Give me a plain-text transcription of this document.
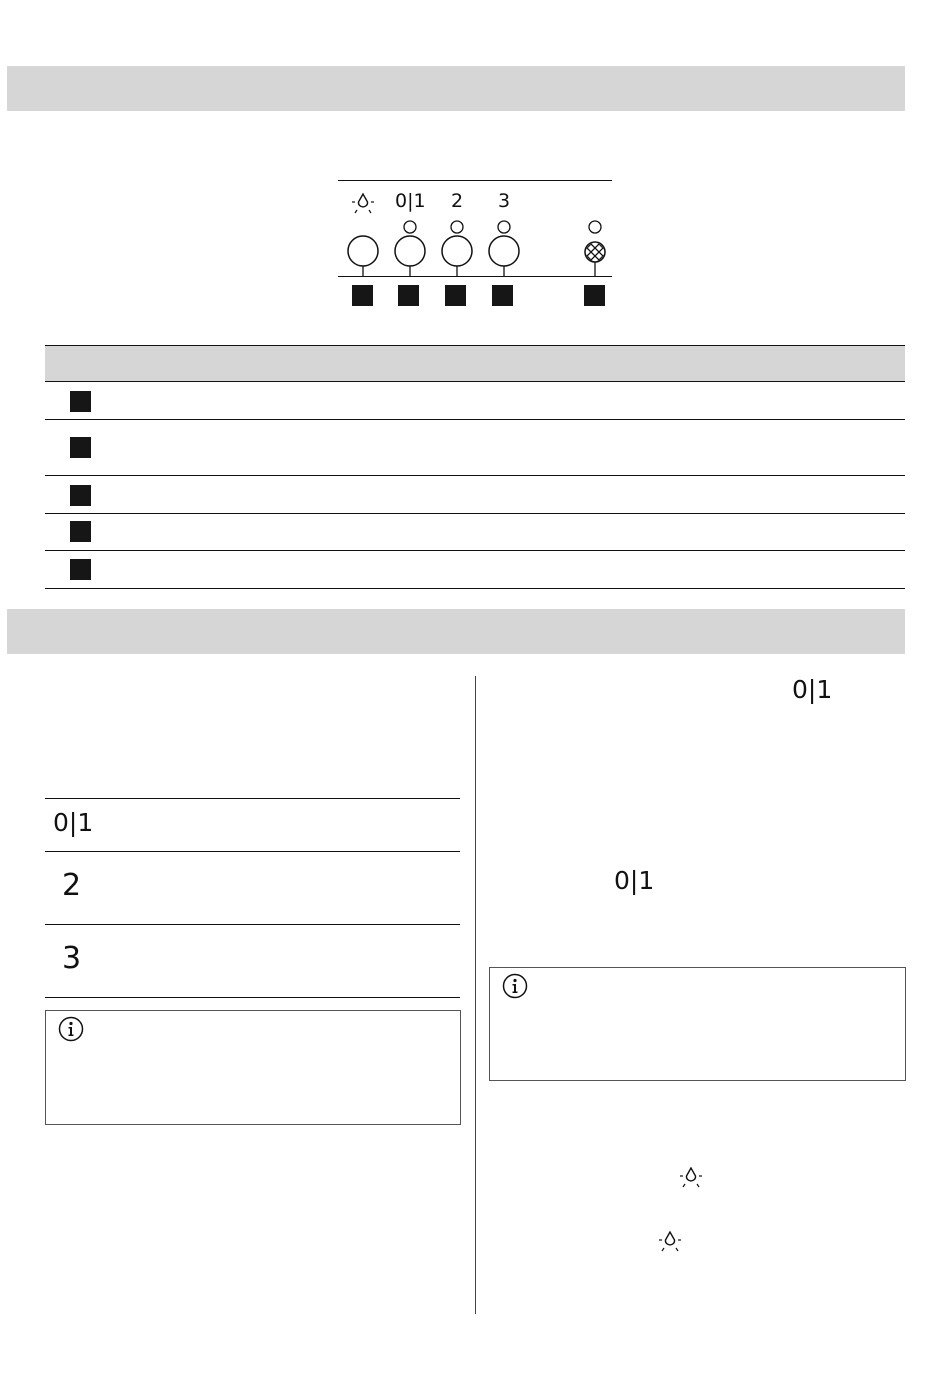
0|1 2 3
0|1
2
3
0|1
0|1
